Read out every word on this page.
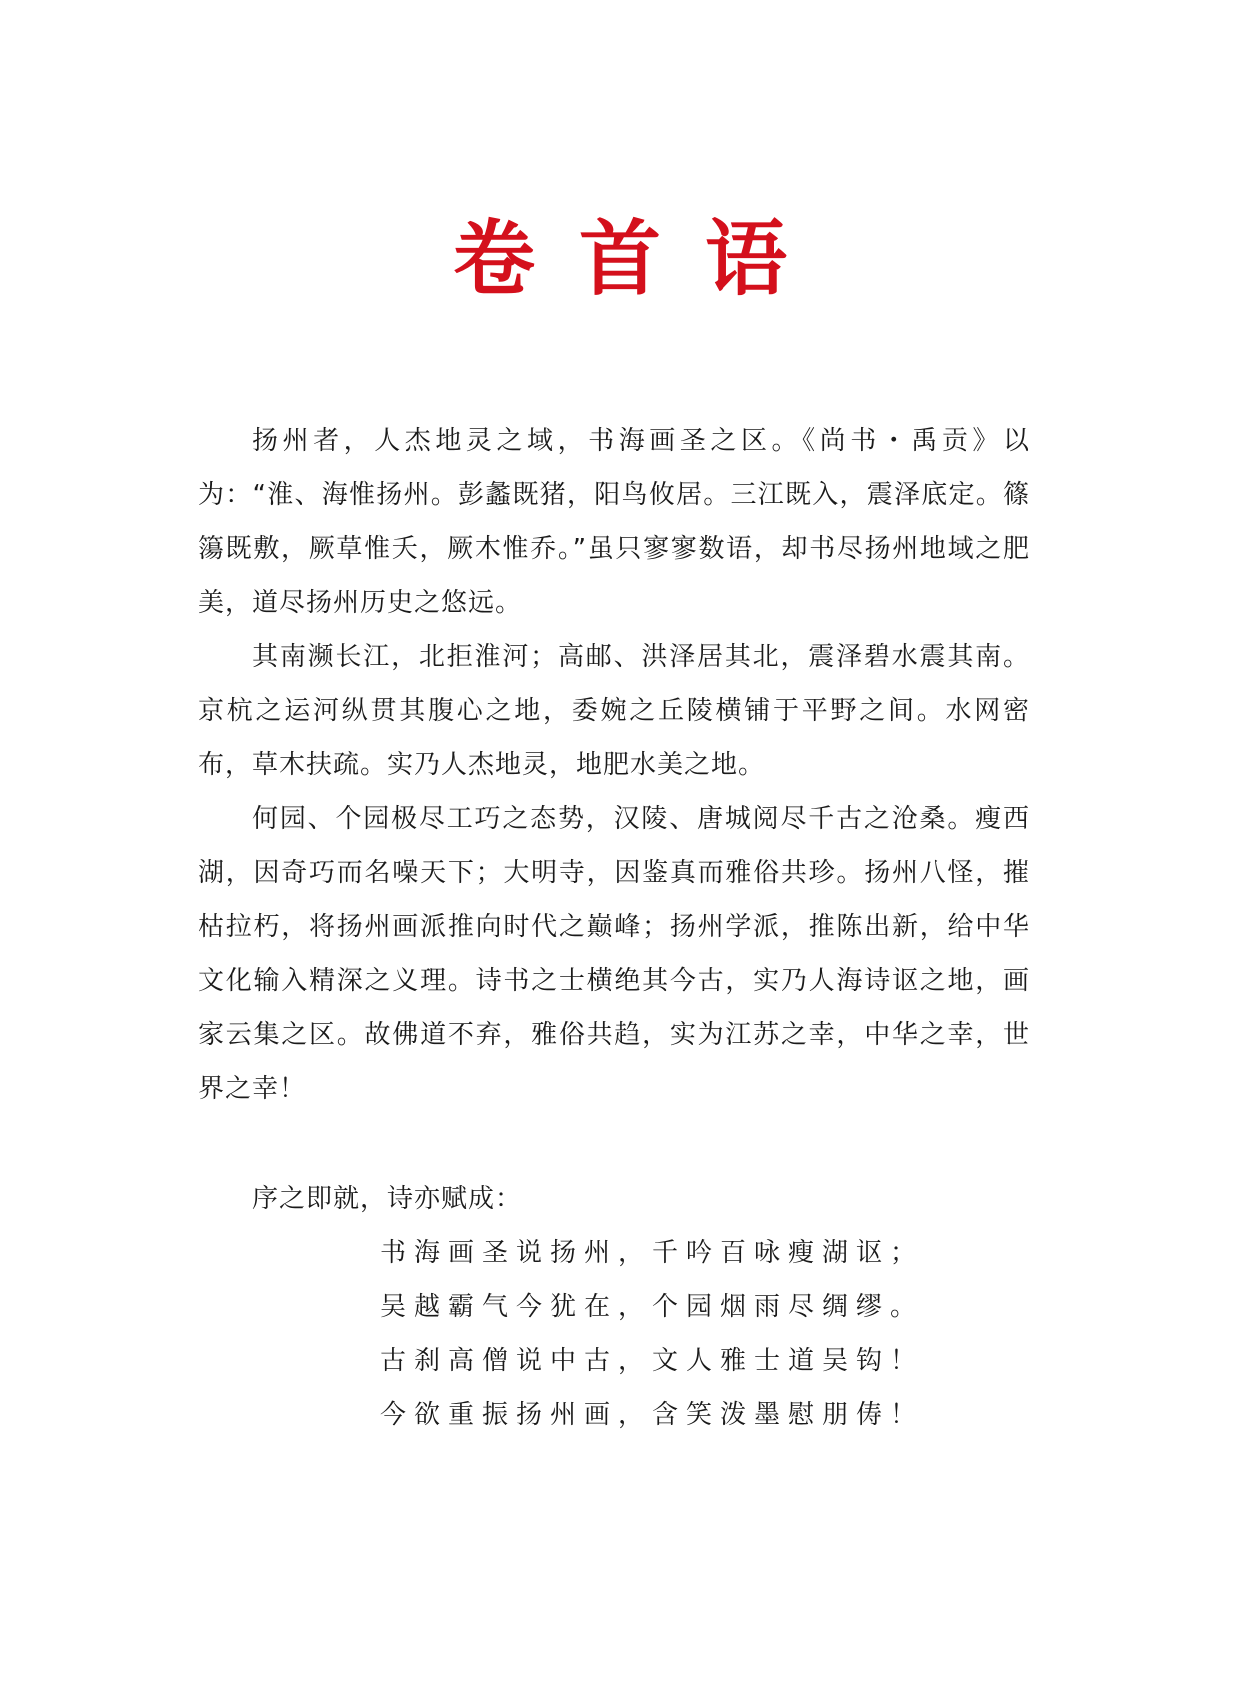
卷首语

扬州者，人杰地灵之域，书海画圣之区。《尚书・禹贡》以为：“淮、海惟扬州。彭蠡既猪，阳鸟攸居。三江既入，震泽底定。篠簜既敷，厥草惟夭，厥木惟乔。”虽只寥寥数语，却书尽扬州地域之肥美，道尽扬州历史之悠远。

其南濒长江，北拒淮河；高邮、洪泽居其北，震泽碧水震其南。京杭之运河纵贯其腹心之地，委婉之丘陵横铺于平野之间。水网密布，草木扶疏。实乃人杰地灵，地肥水美之地。

何园、个园极尽工巧之态势，汉陵、唐城阅尽千古之沧桑。瘦西湖，因奇巧而名噪天下；大明寺，因鉴真而雅俗共珍。扬州八怪，摧枯拉朽，将扬州画派推向时代之巅峰；扬州学派，推陈出新，给中华文化输入精深之义理。诗书之士横绝其今古，实乃人海诗讴之地，画家云集之区。故佛道不弃，雅俗共趋，实为江苏之幸，中华之幸，世界之幸！

序之即就，诗亦赋成：

书海画圣说扬州，千吟百咏瘦湖讴；

吴越霸气今犹在，个园烟雨尽绸缪。

古刹高僧说中古，文人雅士道吴钩！

今欲重振扬州画，含笑泼墨慰朋俦！
